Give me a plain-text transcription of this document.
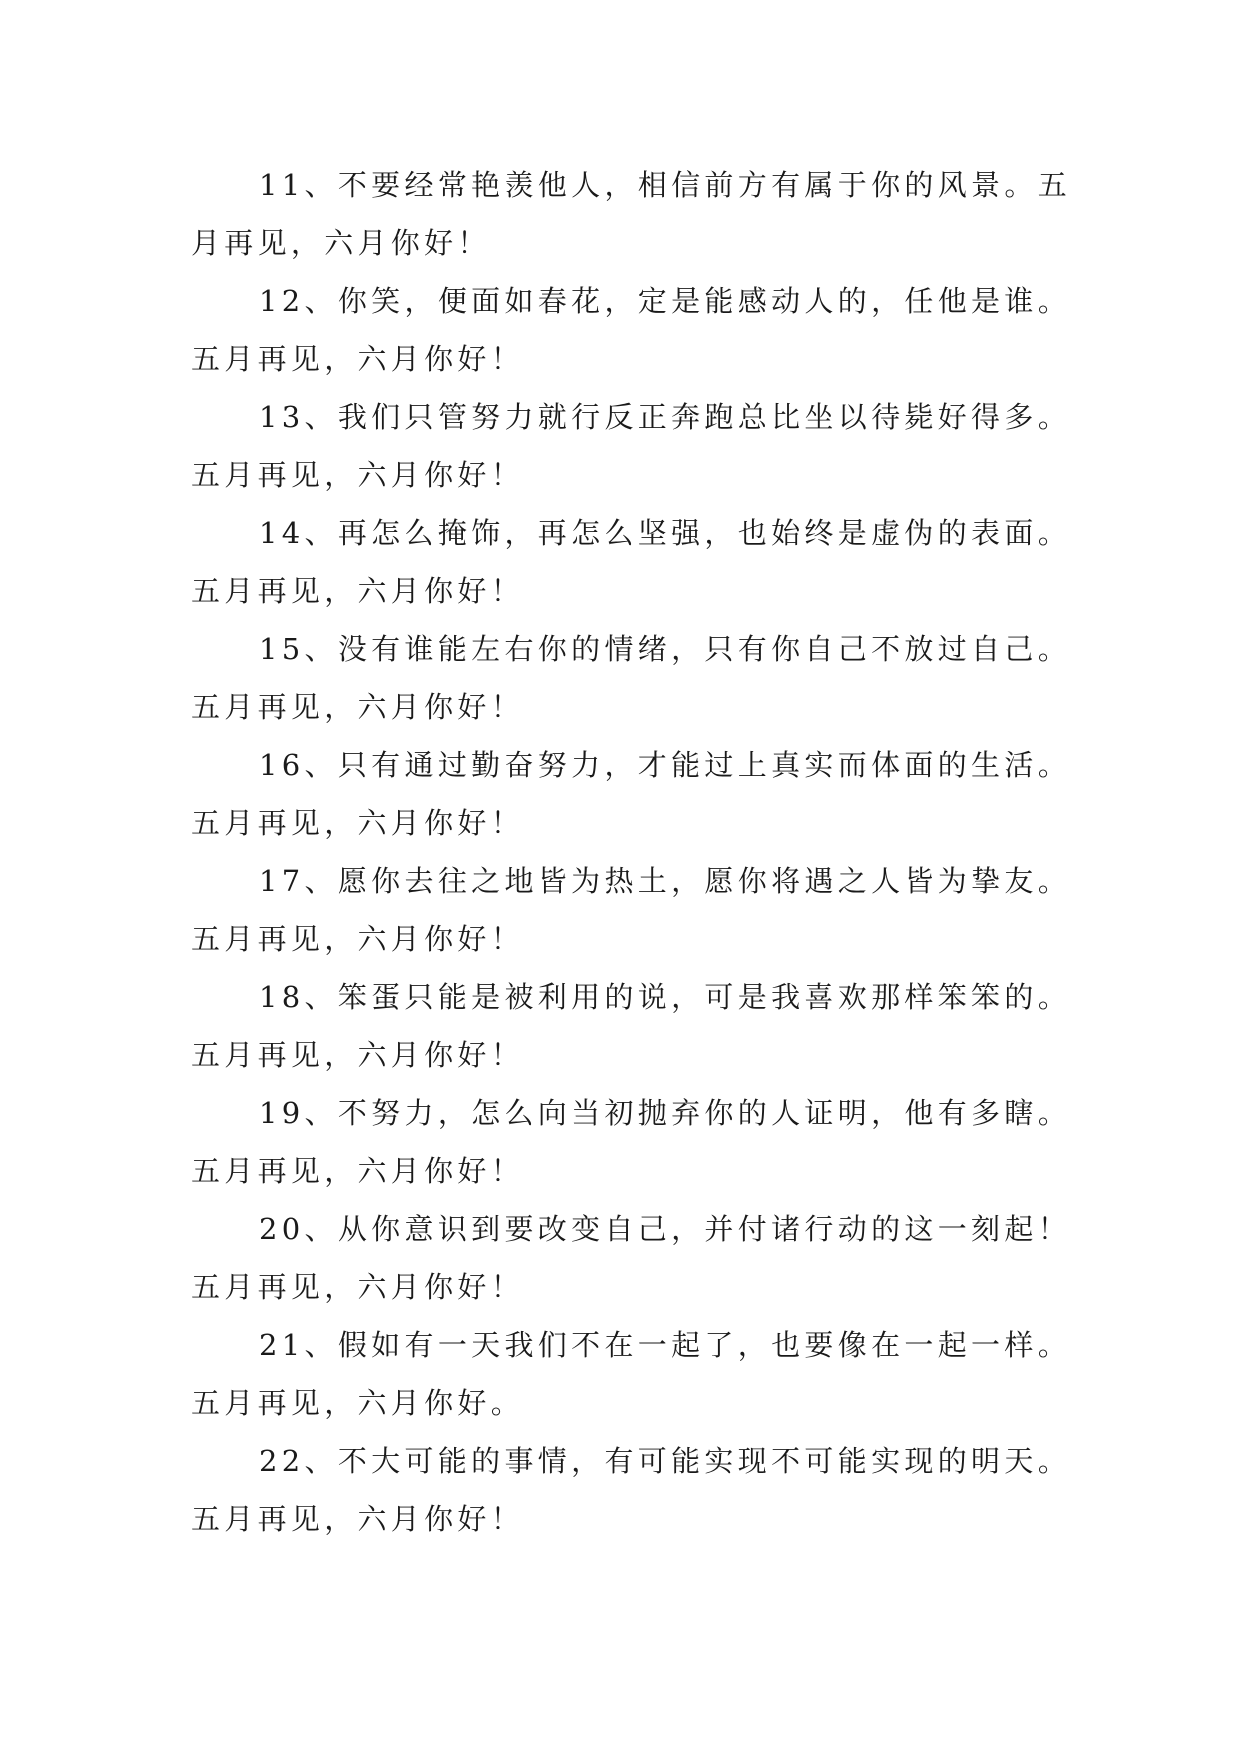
11、不要经常艳羡他人，相信前方有属于你的风景。五月再见，六月你好！

12、你笑，便面如春花，定是能感动人的，任他是谁。五月再见，六月你好！

13、我们只管努力就行反正奔跑总比坐以待毙好得多。五月再见，六月你好！

14、再怎么掩饰，再怎么坚强，也始终是虚伪的表面。五月再见，六月你好！

15、没有谁能左右你的情绪，只有你自己不放过自己。五月再见，六月你好！

16、只有通过勤奋努力，才能过上真实而体面的生活。五月再见，六月你好！

17、愿你去往之地皆为热土，愿你将遇之人皆为挚友。五月再见，六月你好！

18、笨蛋只能是被利用的说，可是我喜欢那样笨笨的。五月再见，六月你好！

19、不努力，怎么向当初抛弃你的人证明，他有多瞎。五月再见，六月你好！

20、从你意识到要改变自己，并付诸行动的这一刻起！五月再见，六月你好！

21、假如有一天我们不在一起了，也要像在一起一样。五月再见，六月你好。

22、不大可能的事情，有可能实现不可能实现的明天。五月再见，六月你好！
